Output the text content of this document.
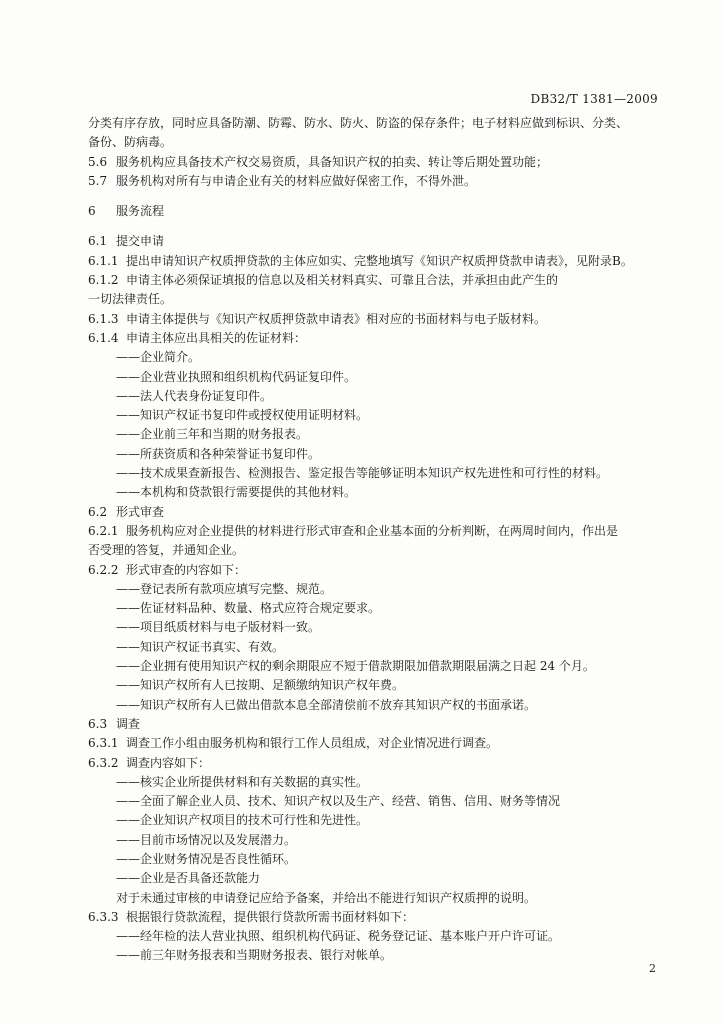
DB32/T 1381—2009
分类有序存放，同时应具备防潮、防霉、防水、防火、防盗的保存条件；电子材料应做到标识、分类、
备份、防病毒。
5.6 服务机构应具备技术产权交易资质，具备知识产权的拍卖、转让等后期处置功能；
5.7 服务机构对所有与申请企业有关的材料应做好保密工作，不得外泄。
6 服务流程
6.1 提交申请
6.1.1 提出申请知识产权质押贷款的主体应如实、完整地填写《知识产权质押贷款申请表》，见附录B。
6.1.2 申请主体必须保证填报的信息以及相关材料真实、可靠且合法，并承担由此产生的
一切法律责任。
6.1.3 申请主体提供与《知识产权质押贷款申请表》相对应的书面材料与电子版材料。
6.1.4 申请主体应出具相关的佐证材料：
——企业简介。
——企业营业执照和组织机构代码证复印件。
——法人代表身份证复印件。
——知识产权证书复印件或授权使用证明材料。
——企业前三年和当期的财务报表。
——所获资质和各种荣誉证书复印件。
——技术成果查新报告、检测报告、鉴定报告等能够证明本知识产权先进性和可行性的材料。
——本机构和贷款银行需要提供的其他材料。
6.2 形式审查
6.2.1 服务机构应对企业提供的材料进行形式审查和企业基本面的分析判断，在两周时间内，作出是
否受理的答复，并通知企业。
6.2.2 形式审查的内容如下：
——登记表所有款项应填写完整、规范。
——佐证材料品种、数量、格式应符合规定要求。
——项目纸质材料与电子版材料一致。
——知识产权证书真实、有效。
——企业拥有使用知识产权的剩余期限应不短于借款期限加借款期限届满之日起 24 个月。
——知识产权所有人已按期、足额缴纳知识产权年费。
——知识产权所有人已做出借款本息全部清偿前不放弃其知识产权的书面承诺。
6.3 调查
6.3.1 调查工作小组由服务机构和银行工作人员组成，对企业情况进行调查。
6.3.2 调查内容如下：
——核实企业所提供材料和有关数据的真实性。
——全面了解企业人员、技术、知识产权以及生产、经营、销售、信用、财务等情况
——企业知识产权项目的技术可行性和先进性。
——目前市场情况以及发展潜力。
——企业财务情况是否良性循环。
——企业是否具备还款能力
对于未通过审核的申请登记应给予备案，并给出不能进行知识产权质押的说明。
6.3.3 根据银行贷款流程，提供银行贷款所需书面材料如下：
——经年检的法人营业执照、组织机构代码证、税务登记证、基本账户开户许可证。
——前三年财务报表和当期财务报表、银行对帐单。
2
